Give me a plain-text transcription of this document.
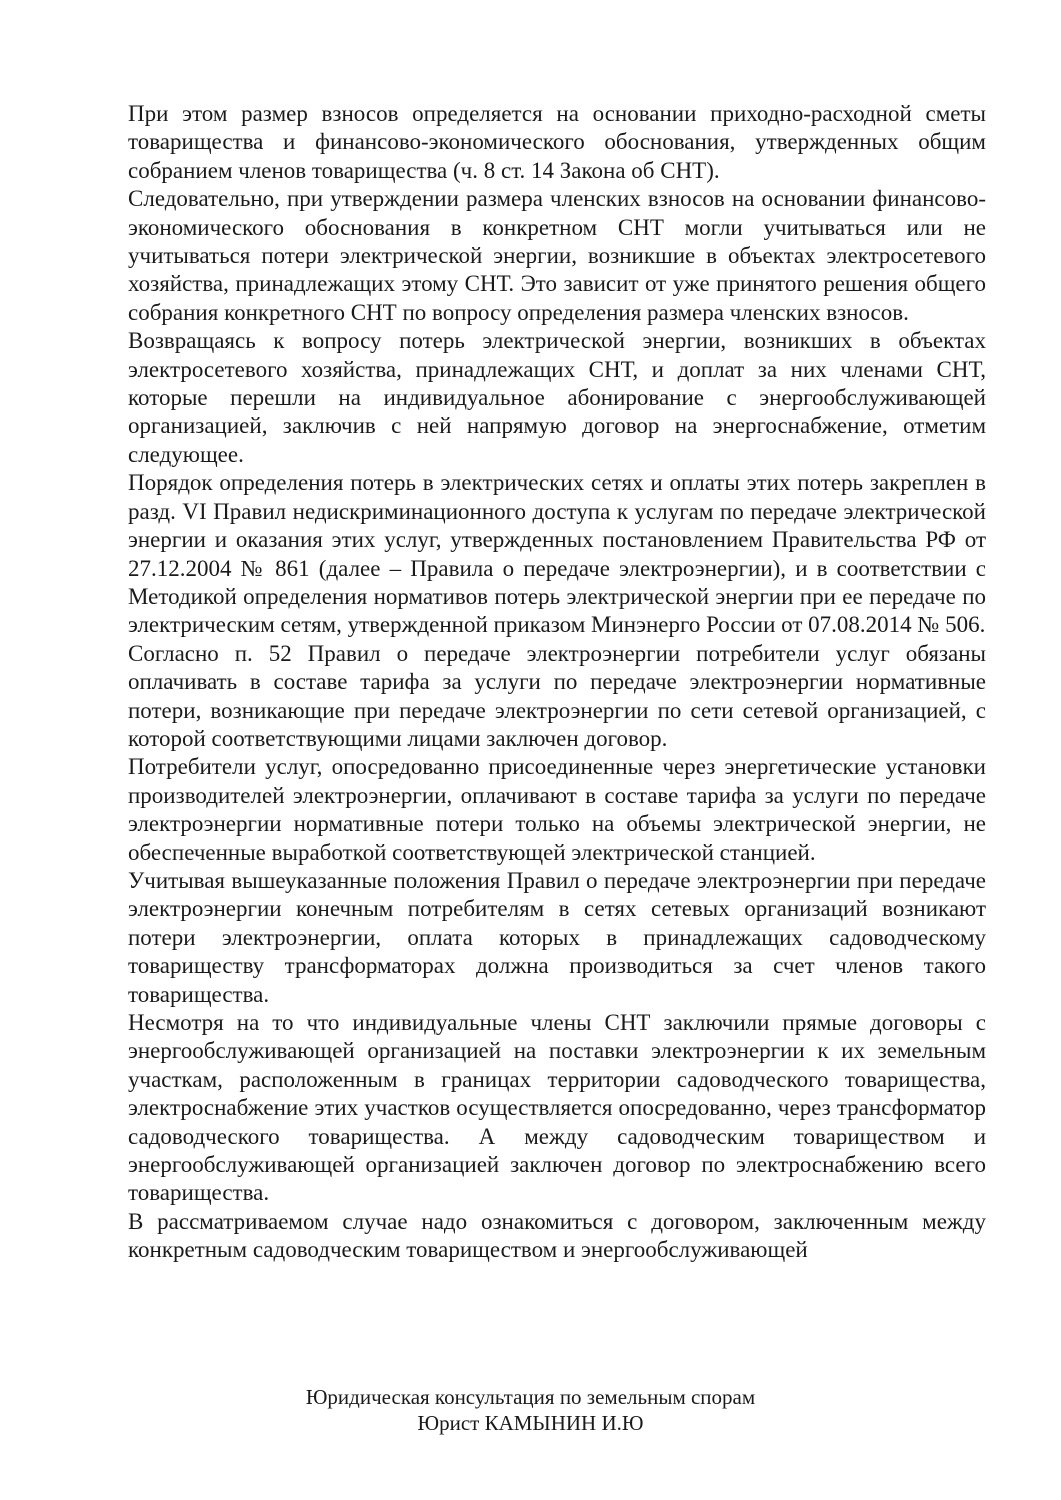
При этом размер взносов определяется на основании приходно-расходной сметы товарищества и финансово-экономического обоснования, утвержденных общим собранием членов товарищества (ч. 8 ст. 14 Закона об СНТ).

Следовательно, при утверждении размера членских взносов на основании финансово-экономического обоснования в конкретном СНТ могли учитываться или не учитываться потери электрической энергии, возникшие в объектах электросетевого хозяйства, принадлежащих этому СНТ. Это зависит от уже принятого решения общего собрания конкретного СНТ по вопросу определения размера членских взносов.

Возвращаясь к вопросу потерь электрической энергии, возникших в объектах электросетевого хозяйства, принадлежащих СНТ, и доплат за них членами СНТ, которые перешли на индивидуальное абонирование с энергообслуживающей организацией, заключив с ней напрямую договор на энергоснабжение, отметим следующее.

Порядок определения потерь в электрических сетях и оплаты этих потерь закреплен в разд. VI Правил недискриминационного доступа к услугам по передаче электрической энергии и оказания этих услуг, утвержденных постановлением Правительства РФ от 27.12.2004 № 861 (далее – Правила о передаче электроэнергии), и в соответствии с Методикой определения нормативов потерь электрической энергии при ее передаче по электрическим сетям, утвержденной приказом Минэнерго России от 07.08.2014 № 506.

Согласно п. 52 Правил о передаче электроэнергии потребители услуг обязаны оплачивать в составе тарифа за услуги по передаче электроэнергии нормативные потери, возникающие при передаче электроэнергии по сети сетевой организацией, с которой соответствующими лицами заключен договор.

Потребители услуг, опосредованно присоединенные через энергетические установки производителей электроэнергии, оплачивают в составе тарифа за услуги по передаче электроэнергии нормативные потери только на объемы электрической энергии, не обеспеченные выработкой соответствующей электрической станцией.

Учитывая вышеуказанные положения Правил о передаче электроэнергии при передаче электроэнергии конечным потребителям в сетях сетевых организаций возникают потери электроэнергии, оплата которых в принадлежащих садоводческому товариществу трансформаторах должна производиться за счет членов такого товарищества.

Несмотря на то что индивидуальные члены СНТ заключили прямые договоры с энергообслуживающей организацией на поставки электроэнергии к их земельным участкам, расположенным в границах территории садоводческого товарищества, электроснабжение этих участков осуществляется опосредованно, через трансформатор садоводческого товарищества. А между садоводческим товариществом и энергообслуживающей организацией заключен договор по электроснабжению всего товарищества.

В рассматриваемом случае надо ознакомиться с договором, заключенным между конкретным садоводческим товариществом и энергообслуживающей

Юридическая консультация по земельным спорам
Юрист КАМЫНИН И.Ю
